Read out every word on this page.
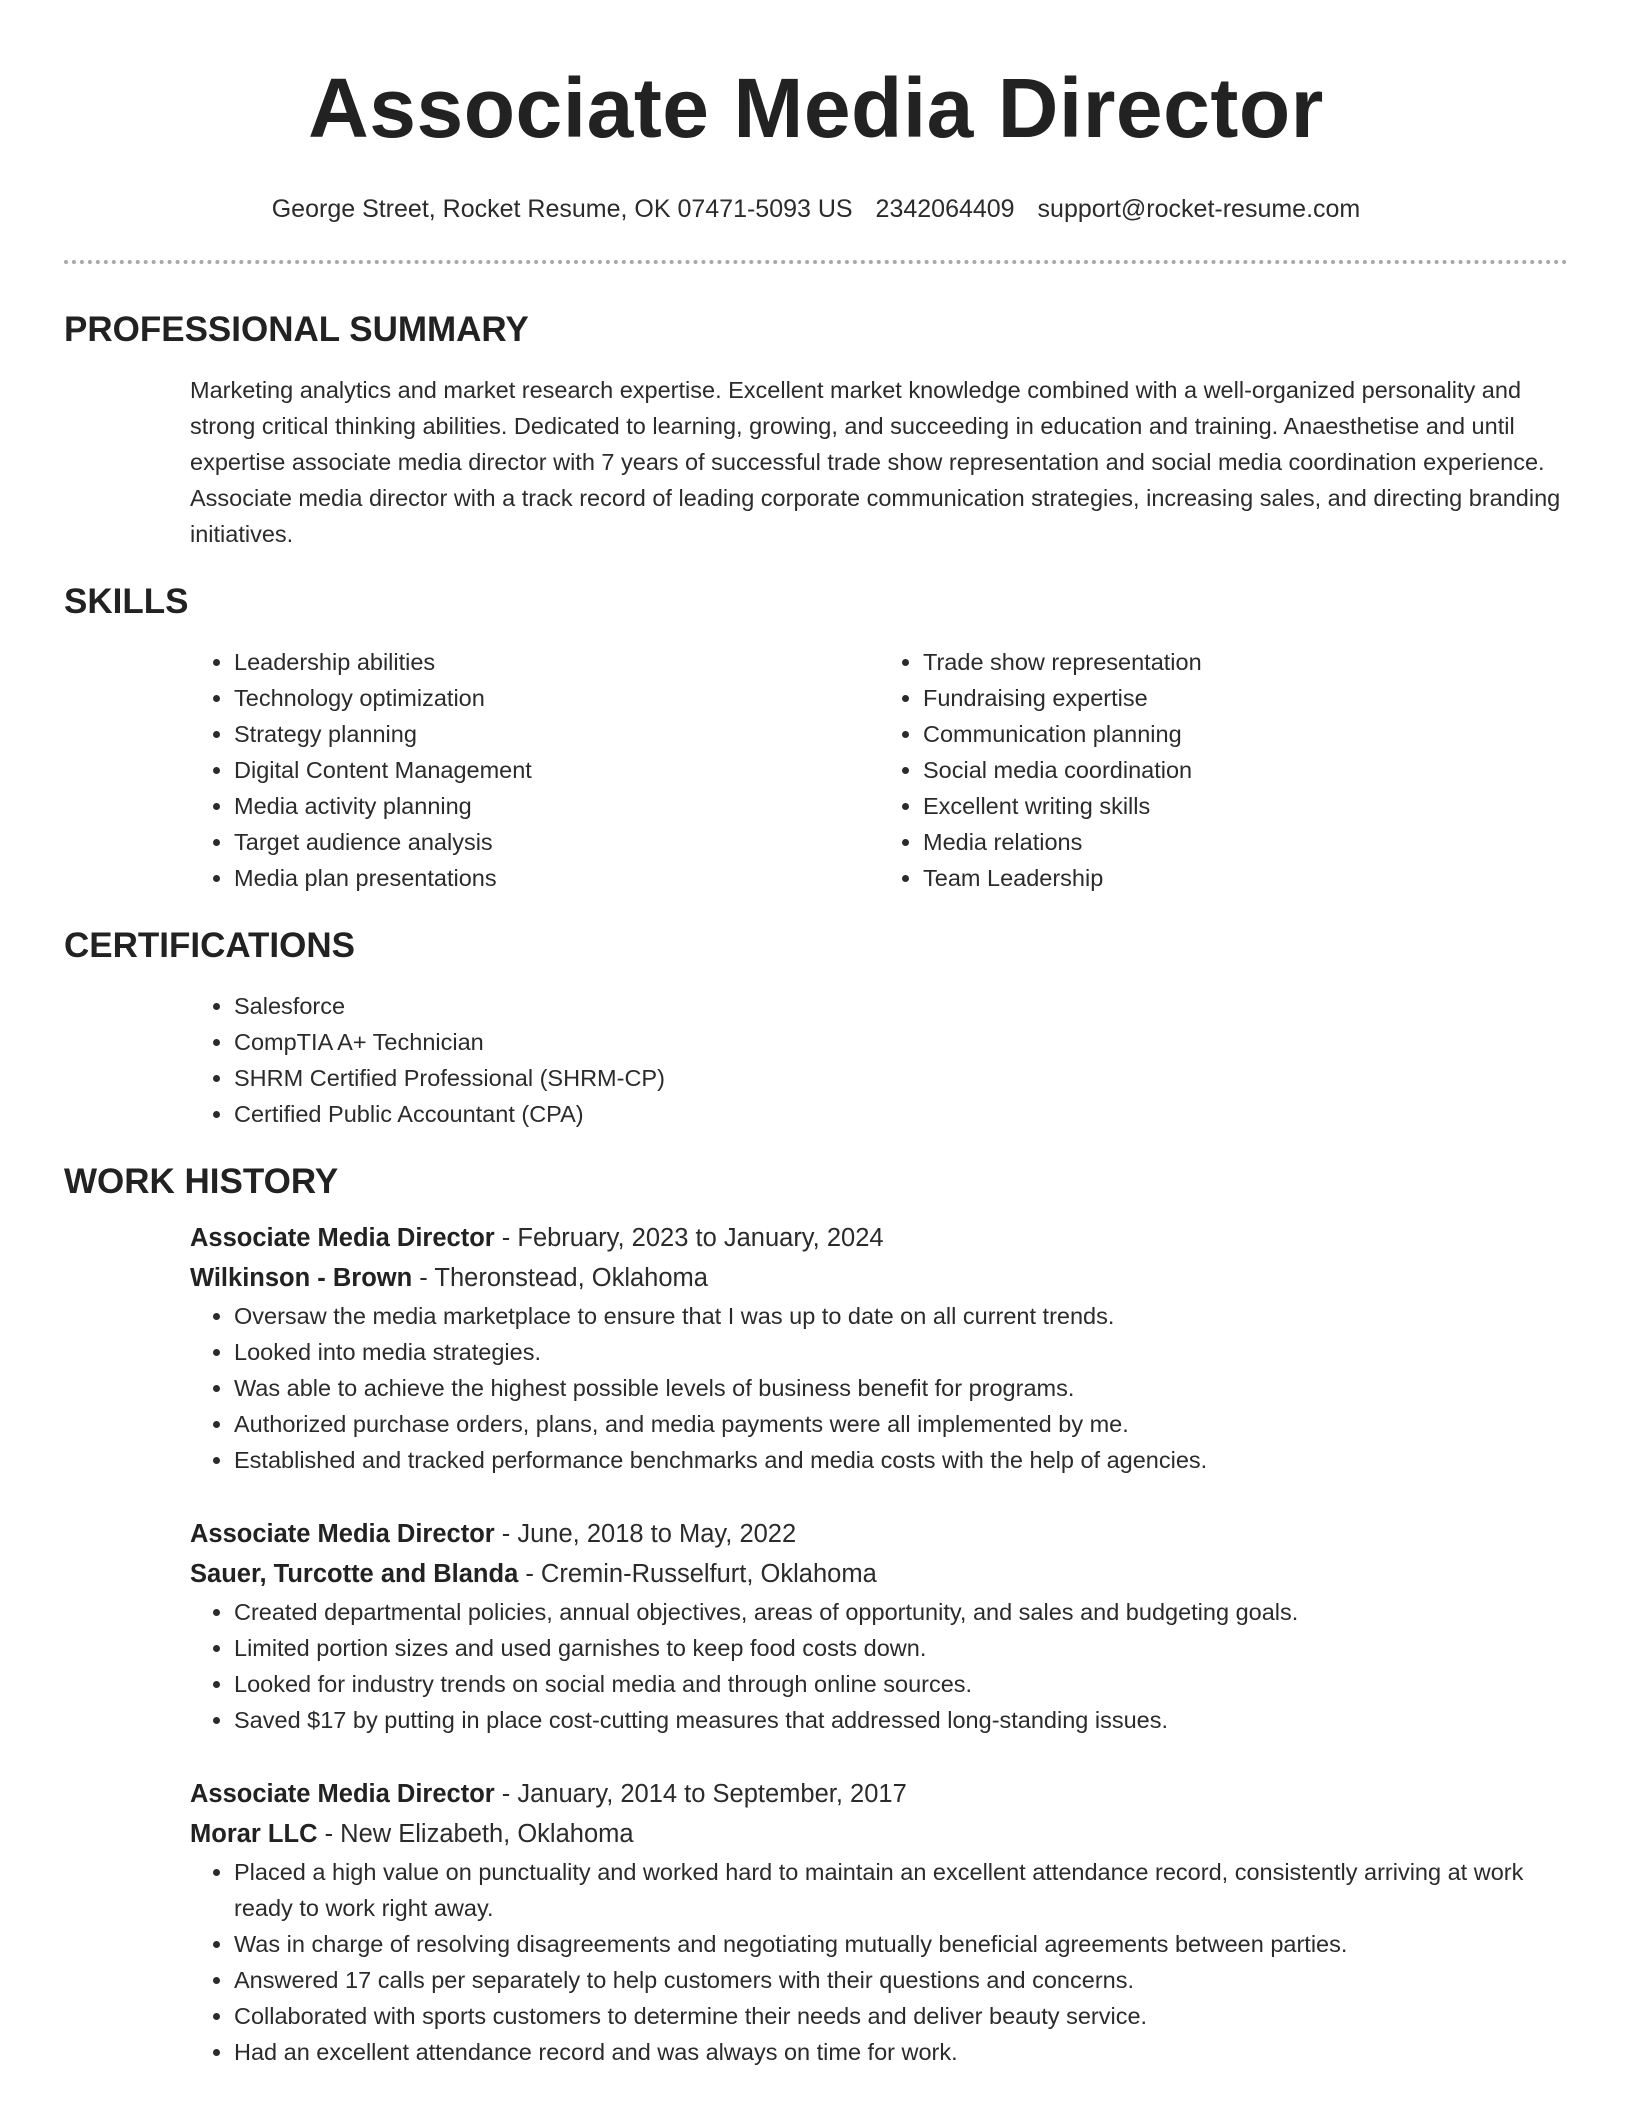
Associate Media Director
George Street, Rocket Resume, OK 07471-5093 US 2342064409 support@rocket-resume.com
PROFESSIONAL SUMMARY

Marketing analytics and market research expertise. Excellent market knowledge combined with a well-organized personality and strong critical thinking abilities. Dedicated to learning, growing, and succeeding in education and training. Anaesthetise and until expertise associate media director with 7 years of successful trade show representation and social media coordination experience. Associate media director with a track record of leading corporate communication strategies, increasing sales, and directing branding initiatives.

SKILLS
• Leadership abilities
• Technology optimization
• Strategy planning
• Digital Content Management
• Media activity planning
• Target audience analysis
• Media plan presentations
• Trade show representation
• Fundraising expertise
• Communication planning
• Social media coordination
• Excellent writing skills
• Media relations
• Team Leadership
CERTIFICATIONS
• Salesforce
• CompTIA A+ Technician
• SHRM Certified Professional (SHRM-CP)
• Certified Public Accountant (CPA)
WORK HISTORY
Associate Media Director - February, 2023 to January, 2024
Wilkinson - Brown - Theronstead, Oklahoma
• Oversaw the media marketplace to ensure that I was up to date on all current trends.
• Looked into media strategies.
• Was able to achieve the highest possible levels of business benefit for programs.
• Authorized purchase orders, plans, and media payments were all implemented by me.
• Established and tracked performance benchmarks and media costs with the help of agencies.
Associate Media Director - June, 2018 to May, 2022
Sauer, Turcotte and Blanda - Cremin-Russelfurt, Oklahoma
• Created departmental policies, annual objectives, areas of opportunity, and sales and budgeting goals.
• Limited portion sizes and used garnishes to keep food costs down.
• Looked for industry trends on social media and through online sources.
• Saved $17 by putting in place cost-cutting measures that addressed long-standing issues.
Associate Media Director - January, 2014 to September, 2017
Morar LLC - New Elizabeth, Oklahoma
• Placed a high value on punctuality and worked hard to maintain an excellent attendance record, consistently arriving at work ready to work right away.
• Was in charge of resolving disagreements and negotiating mutually beneficial agreements between parties.
• Answered 17 calls per separately to help customers with their questions and concerns.
• Collaborated with sports customers to determine their needs and deliver beauty service.
• Had an excellent attendance record and was always on time for work.
